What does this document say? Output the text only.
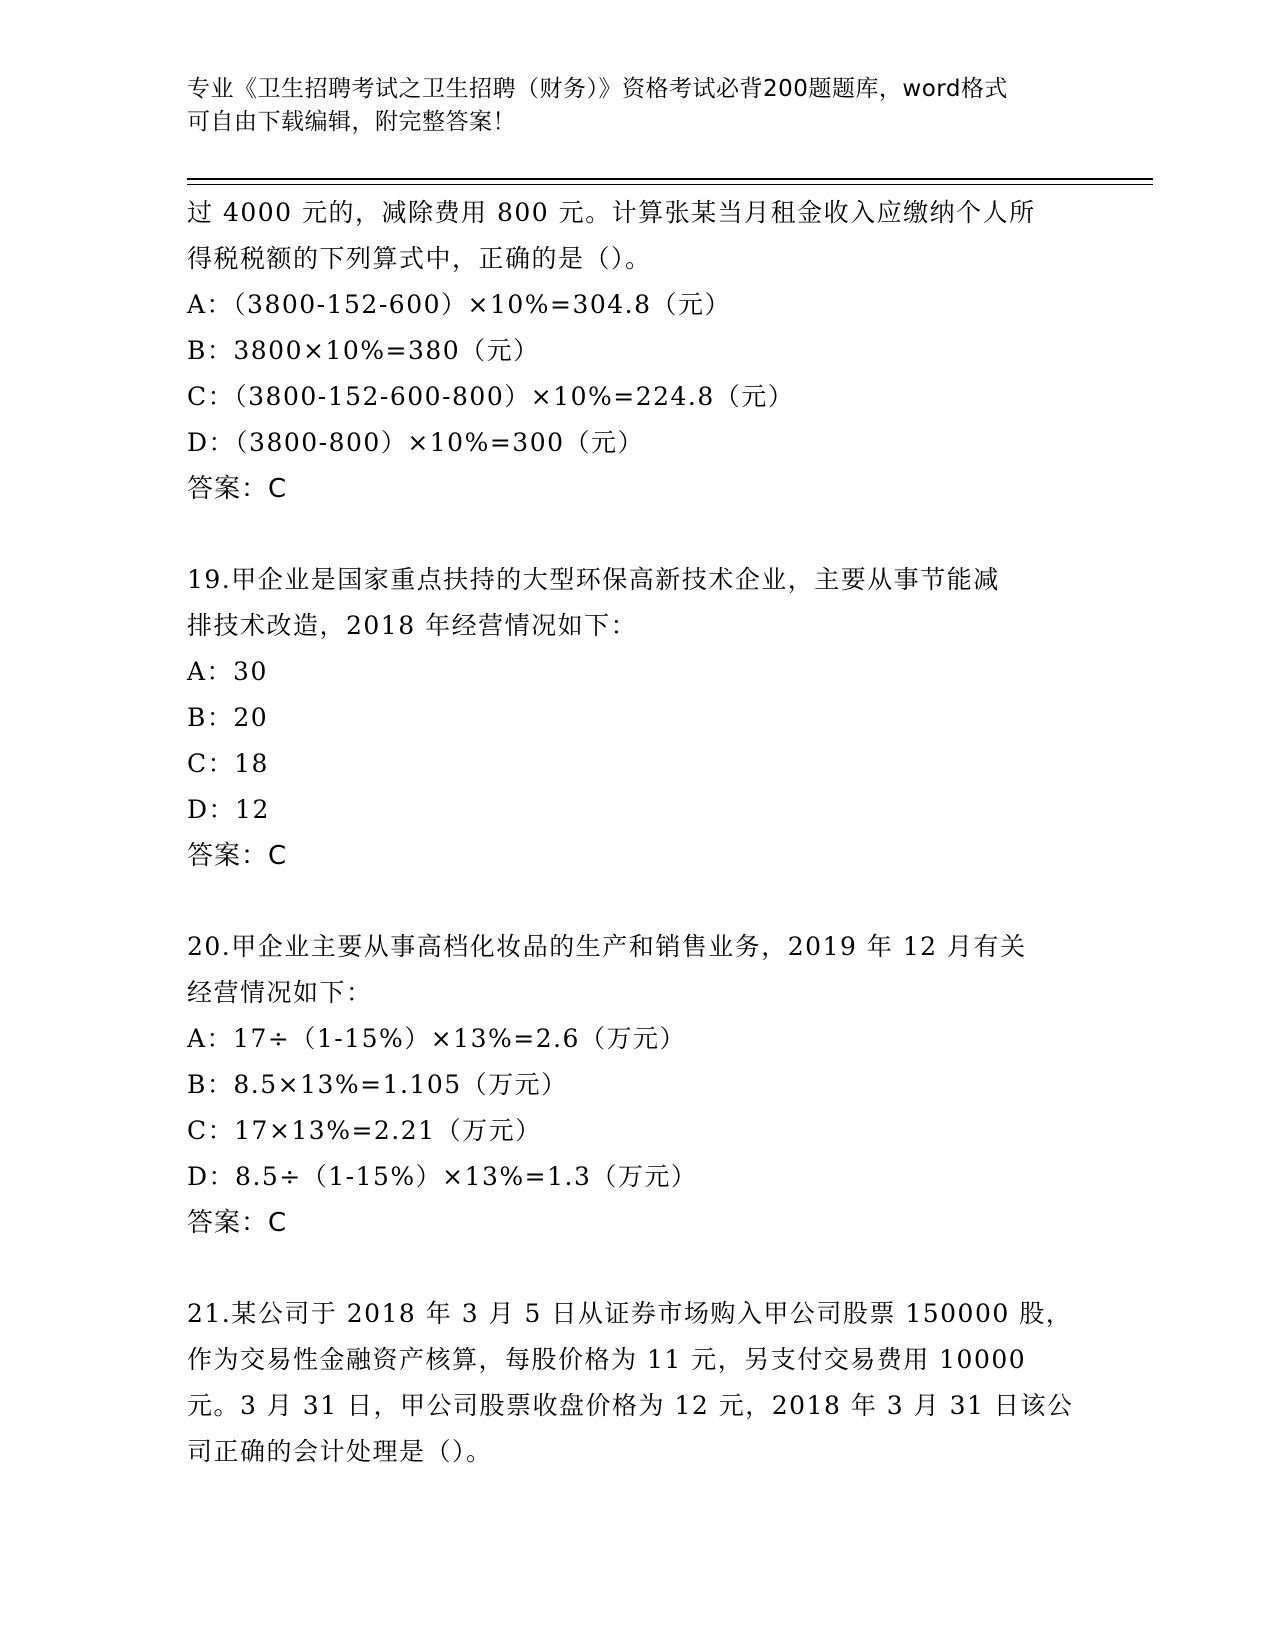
专业《卫生招聘考试之卫生招聘（财务）》资格考试必背200题题库，word格式
可自由下载编辑，附完整答案！
过 4000 元的，减除费用 800 元。计算张某当月租金收入应缴纳个人所
得税税额的下列算式中，正确的是（）。
A：（3800-152-600）×10%=304.8（元）
B：3800×10%=380（元）
C：（3800-152-600-800）×10%=224.8（元）
D：（3800-800）×10%=300（元）
答案：C
19.甲企业是国家重点扶持的大型环保高新技术企业，主要从事节能减
排技术改造，2018 年经营情况如下：
A：30
B：20
C：18
D：12
答案：C
20.甲企业主要从事高档化妆品的生产和销售业务，2019 年 12 月有关
经营情况如下：
A：17÷（1-15%）×13%=2.6（万元）
B：8.5×13%=1.105（万元）
C：17×13%=2.21（万元）
D：8.5÷（1-15%）×13%=1.3（万元）
答案：C
21.某公司于 2018 年 3 月 5 日从证券市场购入甲公司股票 150000 股，
作为交易性金融资产核算，每股价格为 11 元，另支付交易费用 10000
元。3 月 31 日，甲公司股票收盘价格为 12 元，2018 年 3 月 31 日该公
司正确的会计处理是（）。
